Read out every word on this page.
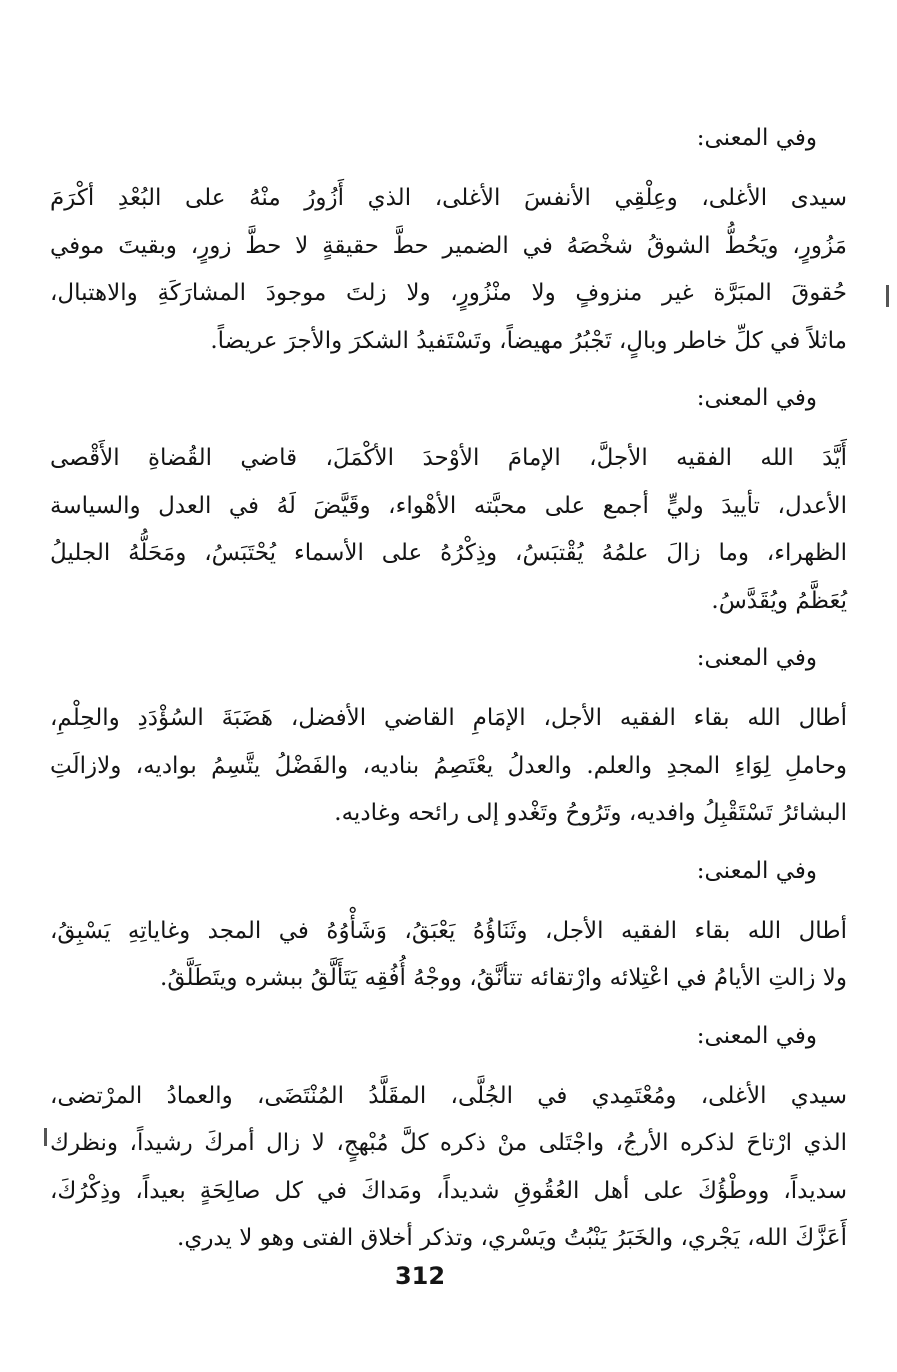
وفي المعنى:

سيدى الأغلى، وعِلْقِي الأنفسَ الأغلى، الذي أَزُورُ منْهُ على البُعْدِ أكْرَمَ
مَزُورٍ، ويَحُطُّ الشوقُ شخْصَهُ في الضمير حطَّ حقيقةٍ لا حطَّ زورٍ، وبقيتَ موفي
حُقوقَ المبَرَّة غير منزوفٍ ولا منْزُورٍ، ولا زلتَ موجودَ المشارَكَةِ والاهتبال،
ماثلاً في كلِّ خاطر وبالٍ، تَجْبُرُ مهيضاً، وتَسْتَفيدُ الشكرَ والأجرَ عريضاً.

وفي المعنى:

أَيَّدَ الله الفقيه الأجلَّ، الإمامَ الأوْحدَ الأكْمَلَ، قاضي القُضاةِ الأَقْصى
الأعدل، تأييدَ وليٍّ أجمع على محبَّته الأهْواء، وقَيَّضَ لَهُ في العدل والسياسة
الظهراء، وما زالَ علمُهُ يُقْتبَسُ، وذِكْرُهُ على الأسماء يُحْتَبَسُ، ومَحَلُّهُ الجليلُ
يُعَظَّمُ ويُقَدَّسُ.

وفي المعنى:

أطال الله بقاء الفقيه الأجل، الإمَامِ القاضي الأفضل، هَضَبَةَ السُؤْدَدِ والحِلْمِ،
وحاملِ لِوَاءِ المجدِ والعلم. والعدلُ يعْتَصِمُ بناديه، والفَضْلُ يتَّسِمُ بواديه، ولازالَتِ
البشائرُ تَسْتَقْبِلُ وافديه، وتَرُوحُ وتَغْدو إلى رائحه وغاديه.

وفي المعنى:

أطال الله بقاء الفقيه الأجل، وثَنَاؤُهُ يَعْبَقُ، وَشَأْوُهُ في المجد وغاياتِهِ يَسْبِقُ،
ولا زالتِ الأيامُ في اعْتِلائه وارْتقائه تتأنَّقُ، ووجْهُ أُفُقِه يَتَأَلَّقُ ببشره ويتَطَلَّقُ.

وفي المعنى:

سيدي الأغلى، ومُعْتَمِدي في الجُلَّى، المقَلَّدُ المُنْتَضَى، والعمادُ المرْتضى،
الذي ارْتاحَ لذكره الأرجُ، واجْتَلى منْ ذكره كلَّ مُبْهجٍ، لا زال أمركَ رشيداً، ونظرك
سديداً، ووطْؤُكَ على أهل العُقُوقِ شديداً، ومَداكَ في كل صالِحَةٍ بعيداً، وذِكْرُكَ،
أَعَزَّكَ الله، يَجْري، والخَبَرُ يَنْبُتُ ويَسْري، وتذكر أخلاق الفتى وهو لا يدري.

312
